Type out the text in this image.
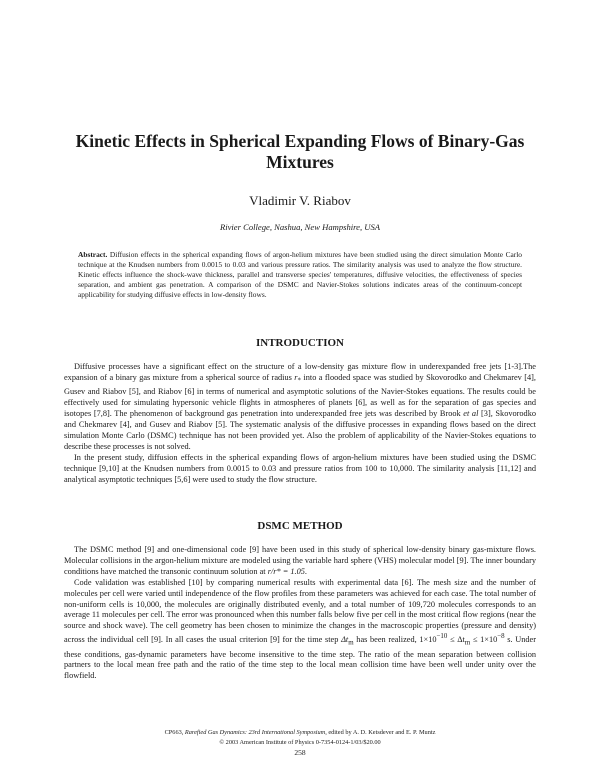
Kinetic Effects in Spherical Expanding Flows of Binary-Gas Mixtures
Vladimir V. Riabov
Rivier College, Nashua, New Hampshire, USA

Abstract. Diffusion effects in the spherical expanding flows of argon-helium mixtures have been studied using the direct simulation Monte Carlo technique at the Knudsen numbers from 0.0015 to 0.03 and various pressure ratios. The similarity analysis was used to analyze the flow structure. Kinetic effects influence the shock-wave thickness, parallel and transverse species' temperatures, diffusive velocities, the effectiveness of species separation, and ambient gas penetration. A comparison of the DSMC and Navier-Stokes solutions indicates areas of the continuum-concept applicability for studying diffusive effects in low-density flows.

INTRODUCTION

Diffusive processes have a significant effect on the structure of a low-density gas mixture flow in underexpanded free jets [1-3].The expansion of a binary gas mixture from a spherical source of radius $r_*$ into a flooded space was studied by Skovorodko and Chekmarev [4], Gusev and Riabov [5], and Riabov [6] in terms of numerical and asymptotic solutions of the Navier-Stokes equations. The results could be effectively used for simulating hypersonic vehicle flights in atmospheres of planets [6], as well as for the separation of gas species and isotopes [7,8]. The phenomenon of background gas penetration into underexpanded free jets was described by Brook et al [3], Skovorodko and Chekmarev [4], and Gusev and Riabov [5]. The systematic analysis of the diffusive processes in expanding flows based on the direct simulation Monte Carlo (DSMC) technique has not been provided yet. Also the problem of applicability of the Navier-Stokes equations to describe these processes is not solved.

In the present study, diffusion effects in the spherical expanding flows of argon-helium mixtures have been studied using the DSMC technique [9,10] at the Knudsen numbers from 0.0015 to 0.03 and pressure ratios from 100 to 10,000. The similarity analysis [11,12] and analytical asymptotic techniques [5,6] were used to study the flow structure.

DSMC METHOD

The DSMC method [9] and one-dimensional code [9] have been used in this study of spherical low-density binary gas-mixture flows. Molecular collisions in the argon-helium mixture are modeled using the variable hard sphere (VHS) molecular model [9]. The inner boundary conditions have matched the transonic continuum solution at r/r* = 1.05.

Code validation was established [10] by comparing numerical results with experimental data [6]. The mesh size and the number of molecules per cell were varied until independence of the flow profiles from these parameters was achieved for each case. The total number of non-uniform cells is 10,000, the molecules are originally distributed evenly, and a total number of 109,720 molecules corresponds to an average 11 molecules per cell. The error was pronounced when this number falls below five per cell in the most critical flow regions (near the source and shock wave). The cell geometry has been chosen to minimize the changes in the macroscopic properties (pressure and density) across the individual cell [9]. In all cases the usual criterion [9] for the time step $\Delta t_m$ has been realized, $1\times 10^{-10} \le \Delta t_m \le 1\times 10^{-8}$ s. Under these conditions, gas-dynamic parameters have become insensitive to the time step. The ratio of the mean separation between collision partners to the local mean free path and the ratio of the time step to the local mean collision time have been well under unity over the flowfield.

CP663, Rarefied Gas Dynamics: 23rd International Symposium, edited by A. D. Ketsdever and E. P. Muntz
© 2003 American Institute of Physics 0-7354-0124-1/03/$20.00
258
